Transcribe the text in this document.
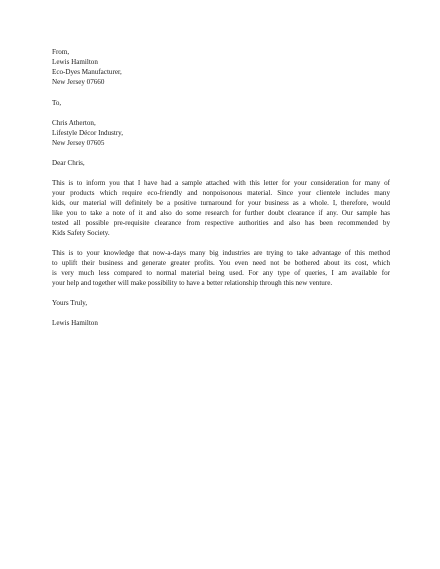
From,
Lewis Hamilton
Eco-Dyes Manufacturer,
New Jersey 07660
To,
Chris Atherton,
Lifestyle Décor Industry,
New Jersey 07605
Dear Chris,
This is to inform you that I have had a sample attached with this letter for your consideration for many of
your products which require eco-friendly and nonpoisonous material. Since your clientele includes many
kids, our material will definitely be a positive turnaround for your business as a whole. I, therefore, would
like you to take a note of it and also do some research for further doubt clearance if any. Our sample has
tested all possible pre-requisite clearance from respective authorities and also has been recommended by
Kids Safety Society.
This is to your knowledge that now-a-days many big industries are trying to take advantage of this method
to uplift their business and generate greater profits. You even need not be bothered about its cost, which
is very much less compared to normal material being used. For any type of queries, I am available for
your help and together will make possibility to have a better relationship through this new venture.
Yours Truly,
Lewis Hamilton
